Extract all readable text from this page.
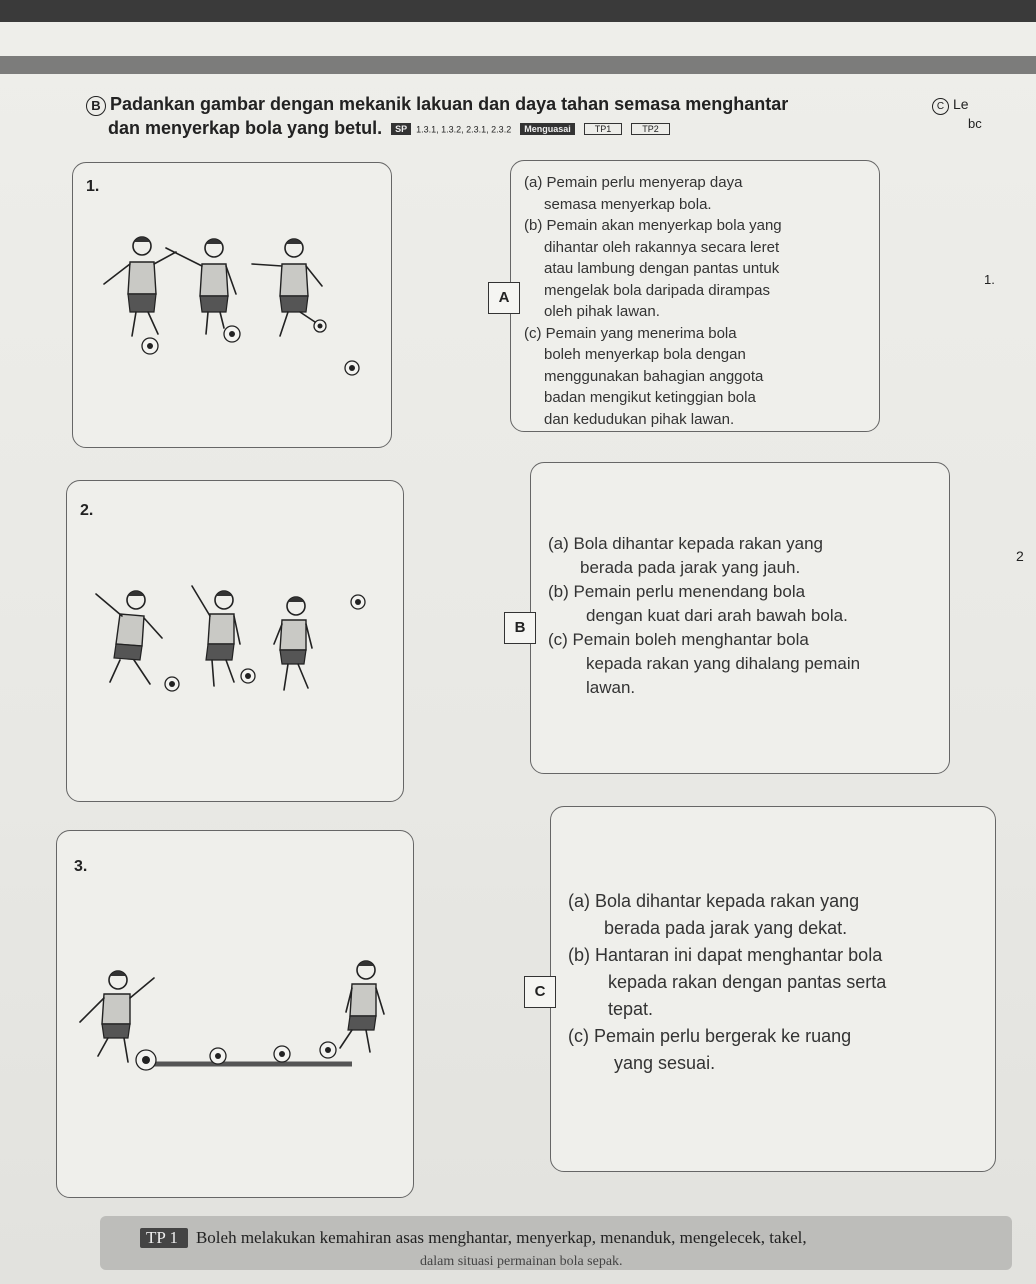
B Padankan gambar dengan mekanik lakuan dan daya tahan semasa menghantar
dan menyerkap bola yang betul. SP 1.3.1, 1.3.2, 2.3.1, 2.3.2 Menguasai	TP1	TP2
C Le
bc
1.
2
1.
A

(a) Pemain perlu menyerap daya

semasa menyerkap bola.

(b) Pemain akan menyerkap bola yang

dihantar oleh rakannya secara leret

atau lambung dengan pantas untuk

mengelak bola daripada dirampas

oleh pihak lawan.

(c) Pemain yang menerima bola

boleh menyerkap bola dengan

menggunakan bahagian anggota

badan mengikut ketinggian bola

dan kedudukan pihak lawan.

2.
B

(a) Bola dihantar kepada rakan yang

berada pada jarak yang jauh.

(b) Pemain perlu menendang bola

dengan kuat dari arah bawah bola.

(c) Pemain boleh menghantar bola

kepada rakan yang dihalang pemain

lawan.

3.
C

(a) Bola dihantar kepada rakan yang

berada pada jarak yang dekat.

(b) Hantaran ini dapat menghantar bola

kepada rakan dengan pantas serta

tepat.

(c) Pemain perlu bergerak ke ruang

yang sesuai.

TP 1 Boleh melakukan kemahiran asas menghantar, menyerkap, menanduk, mengelecek, takel,
dalam situasi permainan bola sepak.
